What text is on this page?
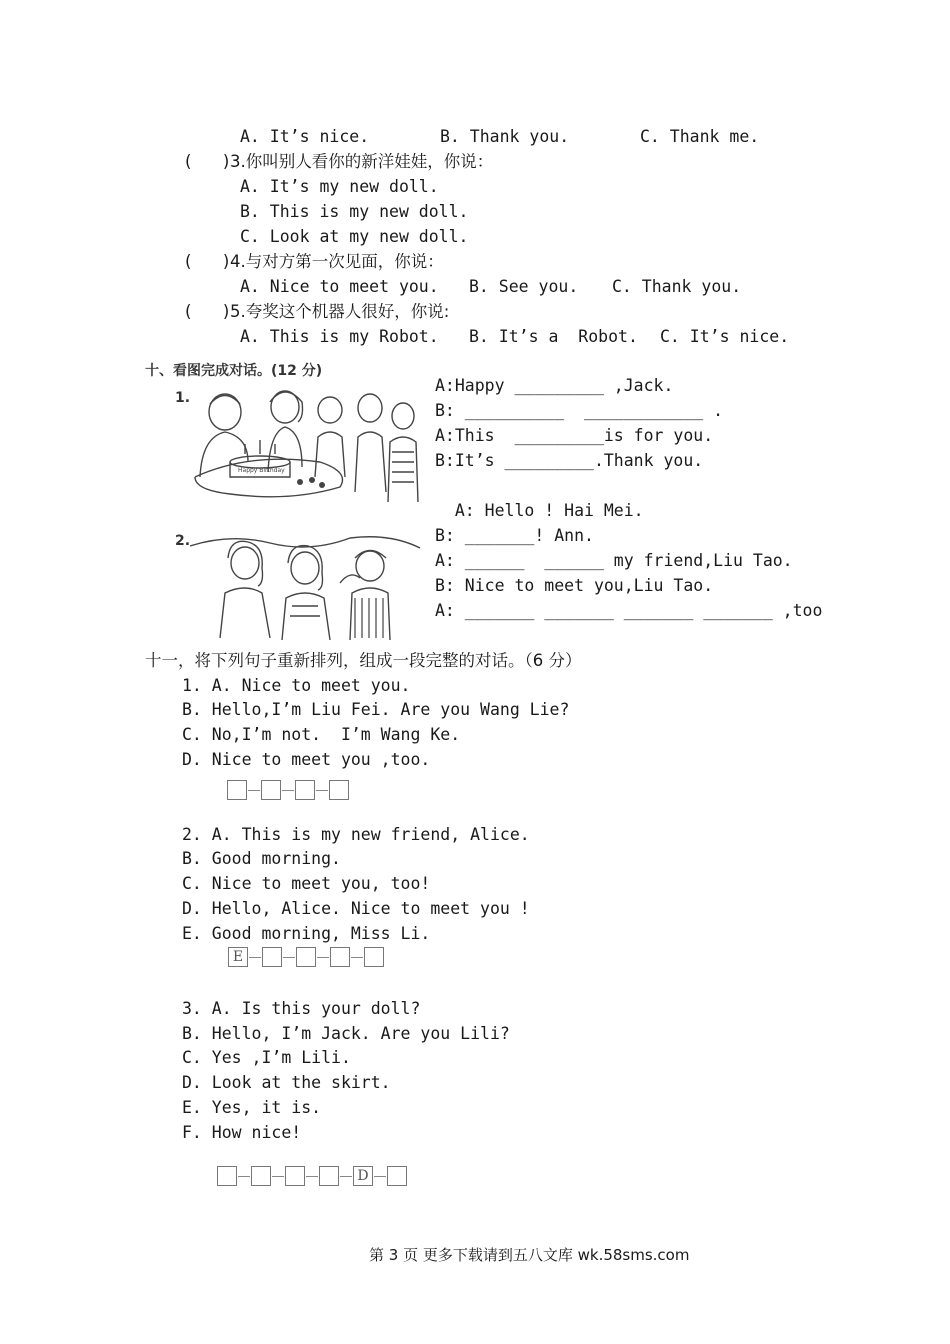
A. It’s nice.	B. Thank you.	C. Thank me.
(      ) 3.你叫别人看你的新洋娃娃，你说：
A. It’s my new doll.
B. This is my new doll.
C. Look at my new doll.
(      ) 4.与对方第一次见面，你说：
A. Nice to meet you. B. See you. C. Thank you.
(      ) 5.夸奖这个机器人很好，你说:
A. This is my Robot. B. It’s a  Robot. C. It’s nice.
十、看图完成对话。(12 分)
1.
Happy Birthday
2.
A:Happy _________ ,Jack.
B: __________  ____________ .
A:This  _________is for you.
B:It’s _________.Thank you.
A: Hello ! Hai Mei.
B: _______! Ann.
A: ______  ______ my friend,Liu Tao.
B: Nice to meet you,Liu Tao.
A: _______ _______ _______ _______ ,too
十一，将下列句子重新排列，组成一段完整的对话。（6 分）
1. A. Nice to meet you.
B. Hello,I’m Liu Fei. Are you Wang Lie?
C. No,I’m not.  I’m Wang Ke.
D. Nice to meet you ,too.
2. A. This is my new friend, Alice.
B. Good morning.
C. Nice to meet you, too!
D. Hello, Alice. Nice to meet you !
E. Good morning, Miss Li.
E
3. A. Is this your doll?
B. Hello, I’m Jack. Are you Lili?
C. Yes ,I’m Lili.
D. Look at the skirt.
E. Yes, it is.
F. How nice!
D
第 3 页 更多下载请到五八文库 wk.58sms.com
